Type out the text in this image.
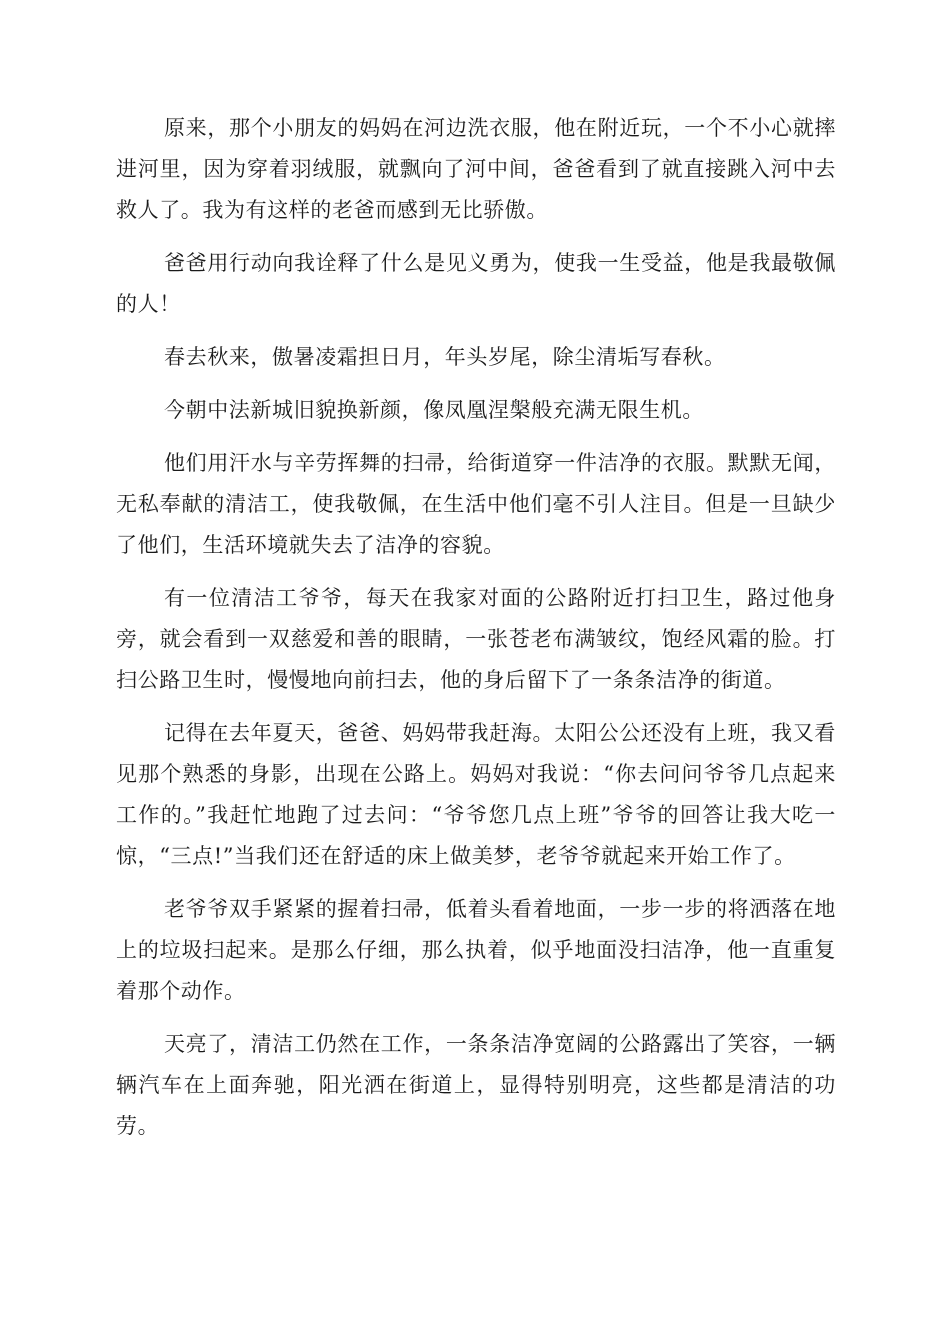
原来，那个小朋友的妈妈在河边洗衣服，他在附近玩，一个不小心就摔进河里，因为穿着羽绒服，就飘向了河中间，爸爸看到了就直接跳入河中去救人了。我为有这样的老爸而感到无比骄傲。

爸爸用行动向我诠释了什么是见义勇为，使我一生受益，他是我最敬佩的人！

春去秋来，傲暑凌霜担日月，年头岁尾，除尘清垢写春秋。

今朝中法新城旧貌换新颜，像凤凰涅槃般充满无限生机。

他们用汗水与辛劳挥舞的扫帚，给街道穿一件洁净的衣服。默默无闻，无私奉献的清洁工，使我敬佩，在生活中他们毫不引人注目。但是一旦缺少了他们，生活环境就失去了洁净的容貌。

有一位清洁工爷爷，每天在我家对面的公路附近打扫卫生，路过他身旁，就会看到一双慈爱和善的眼睛，一张苍老布满皱纹，饱经风霜的脸。打扫公路卫生时，慢慢地向前扫去，他的身后留下了一条条洁净的街道。

记得在去年夏天，爸爸、妈妈带我赶海。太阳公公还没有上班，我又看见那个熟悉的身影，出现在公路上。妈妈对我说：“你去问问爷爷几点起来工作的。”我赶忙地跑了过去问：“爷爷您几点上班”爷爷的回答让我大吃一惊，“三点!”当我们还在舒适的床上做美梦，老爷爷就起来开始工作了。

老爷爷双手紧紧的握着扫帚，低着头看着地面，一步一步的将洒落在地上的垃圾扫起来。是那么仔细，那么执着，似乎地面没扫洁净，他一直重复着那个动作。

天亮了，清洁工仍然在工作，一条条洁净宽阔的公路露出了笑容，一辆辆汽车在上面奔驰，阳光洒在街道上，显得特别明亮，这些都是清洁的功劳。
